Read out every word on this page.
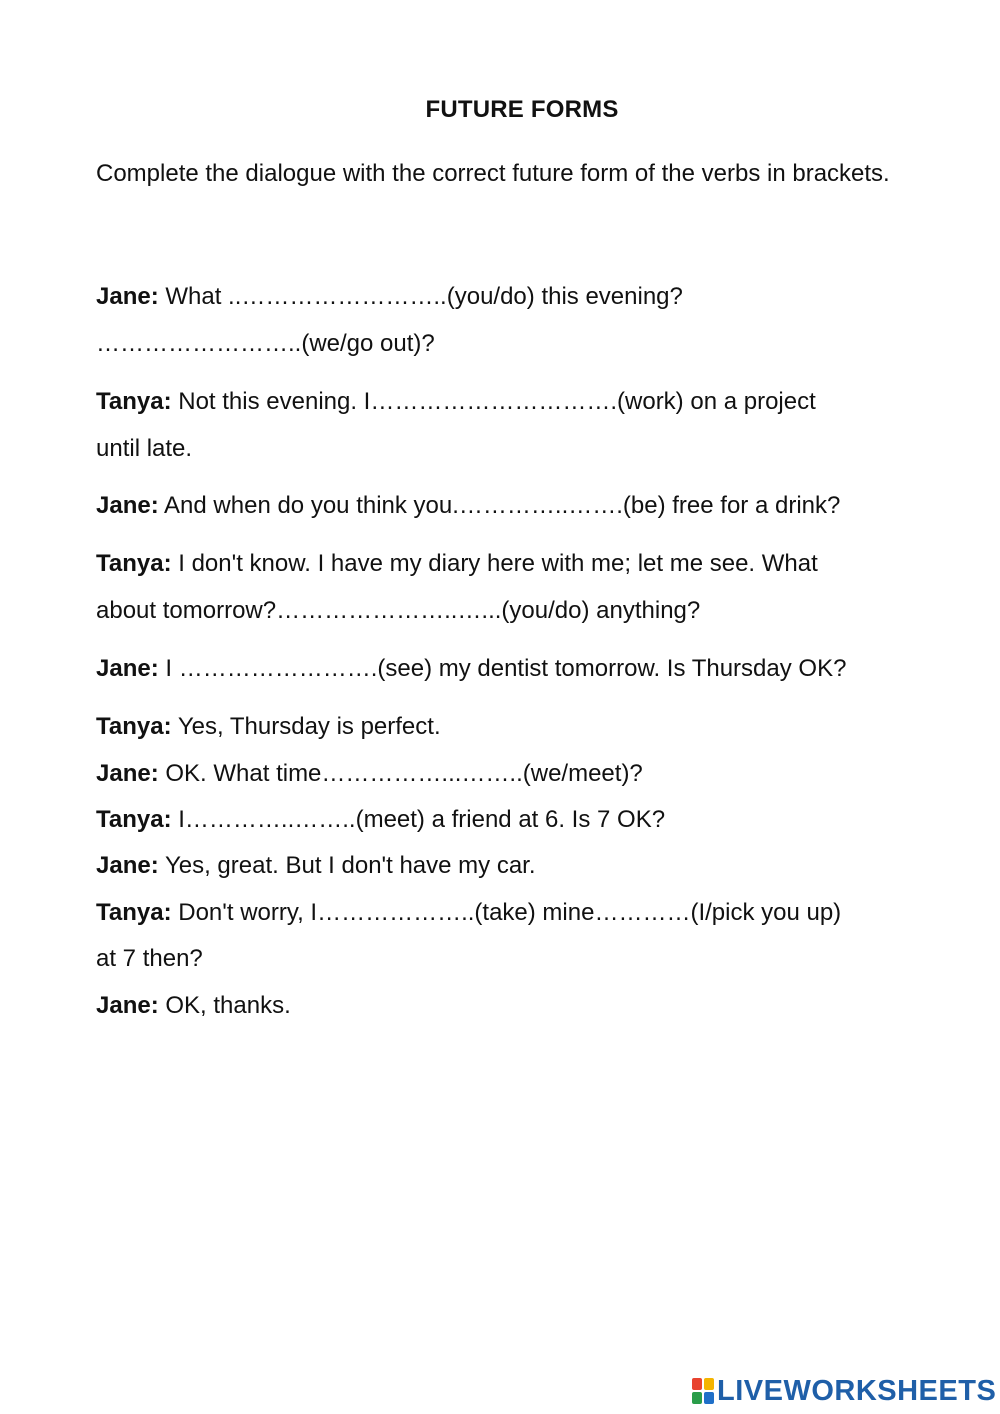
FUTURE FORMS
Complete the dialogue with the correct future form of the verbs in brackets.
Jane: What ..……………………..(you/do) this evening?
……………………..(we/go out)?
Tanya: Not this evening. I………………………….(work) on a project
until late.
Jane: And when do you think you.…………..…….(be) free for a drink?
Tanya: I don't know. I have my diary here with me; let me see. What
about tomorrow?…………………..…...(you/do) anything?
Jane: I …………………….(see) my dentist tomorrow. Is Thursday OK?
Tanya: Yes, Thursday is perfect.
Jane: OK. What time……………...……..(we/meet)?
Tanya: I…………..……..(meet) a friend at 6. Is 7 OK?
Jane: Yes, great. But I don't have my car.
Tanya: Don't worry, I………………..(take) mine…………(I/pick you up)
at 7 then?
Jane: OK, thanks.
LIVEWORKSHEETS
